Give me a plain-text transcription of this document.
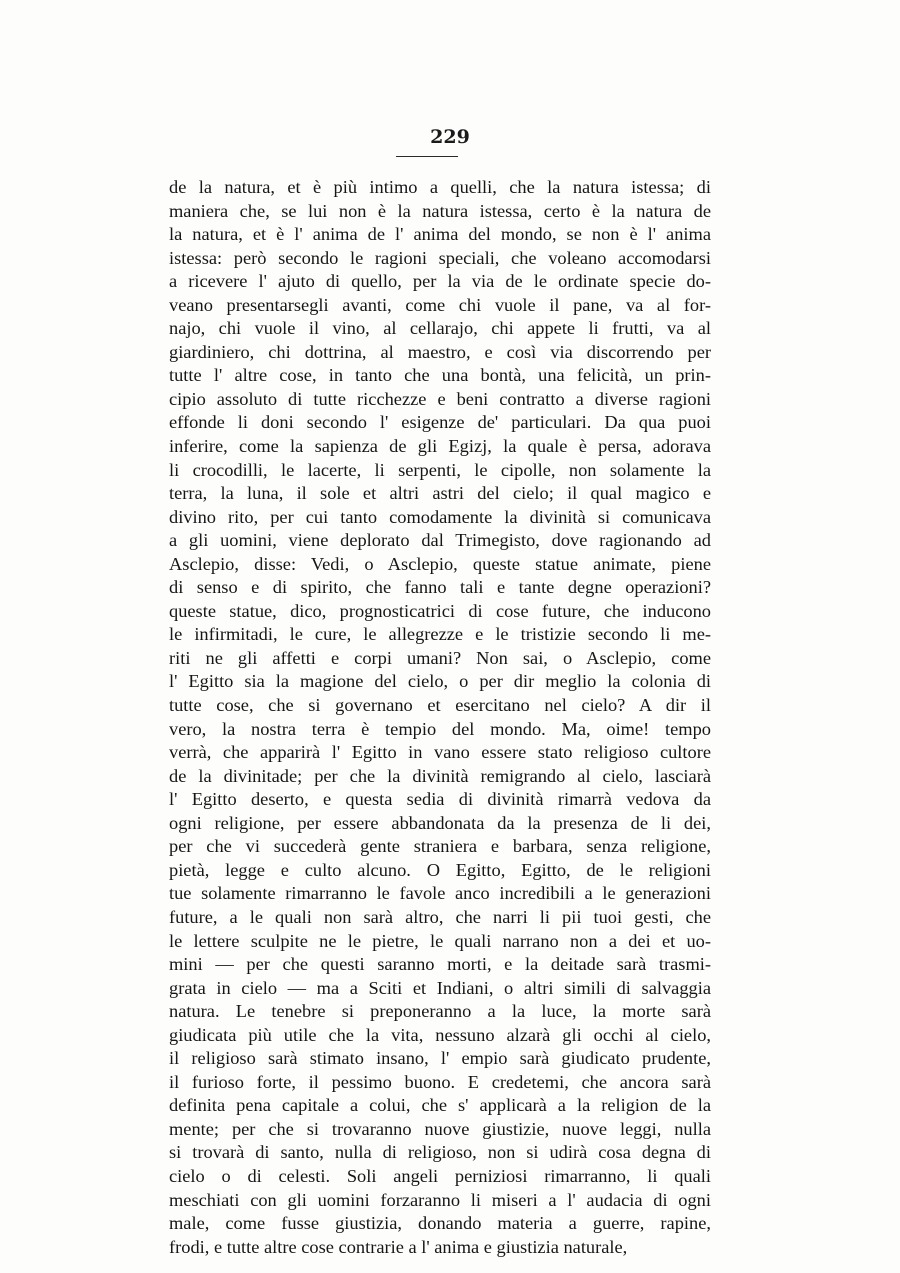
229
de la natura, et è più intimo a quelli, che la natura istessa; di
maniera che, se lui non è la natura istessa, certo è la natura de
la natura, et è l' anima de l' anima del mondo, se non è l' anima
istessa: però secondo le ragioni speciali, che voleano accomodarsi
a ricevere l' ajuto di quello, per la via de le ordinate specie do-
veano presentarsegli avanti, come chi vuole il pane, va al for-
najo, chi vuole il vino, al cellarajo, chi appete li frutti, va al
giardiniero, chi dottrina, al maestro, e così via discorrendo per
tutte l' altre cose, in tanto che una bontà, una felicità, un prin-
cipio assoluto di tutte ricchezze e beni contratto a diverse ragioni
effonde li doni secondo l' esigenze de' particulari. Da qua puoi
inferire, come la sapienza de gli Egizj, la quale è persa, adorava
li crocodilli, le lacerte, li serpenti, le cipolle, non solamente la
terra, la luna, il sole et altri astri del cielo; il qual magico e
divino rito, per cui tanto comodamente la divinità si comunicava
a gli uomini, viene deplorato dal Trimegisto, dove ragionando ad
Asclepio, disse: Vedi, o Asclepio, queste statue animate, piene
di senso e di spirito, che fanno tali e tante degne operazioni?
queste statue, dico, prognosticatrici di cose future, che inducono
le infirmitadi, le cure, le allegrezze e le tristizie secondo li me-
riti ne gli affetti e corpi umani? Non sai, o Asclepio, come
l' Egitto sia la magione del cielo, o per dir meglio la colonia di
tutte cose, che si governano et esercitano nel cielo? A dir il
vero, la nostra terra è tempio del mondo. Ma, oime! tempo
verrà, che apparirà l' Egitto in vano essere stato religioso cultore
de la divinitade; per che la divinità remigrando al cielo, lasciarà
l' Egitto deserto, e questa sedia di divinità rimarrà vedova da
ogni religione, per essere abbandonata da la presenza de li dei,
per che vi succederà gente straniera e barbara, senza religione,
pietà, legge e culto alcuno. O Egitto, Egitto, de le religioni
tue solamente rimarranno le favole anco incredibili a le generazioni
future, a le quali non sarà altro, che narri li pii tuoi gesti, che
le lettere sculpite ne le pietre, le quali narrano non a dei et uo-
mini — per che questi saranno morti, e la deitade sarà trasmi-
grata in cielo — ma a Sciti et Indiani, o altri simili di salvaggia
natura. Le tenebre si preponeranno a la luce, la morte sarà
giudicata più utile che la vita, nessuno alzarà gli occhi al cielo,
il religioso sarà stimato insano, l' empio sarà giudicato prudente,
il furioso forte, il pessimo buono. E credetemi, che ancora sarà
definita pena capitale a colui, che s' applicarà a la religion de la
mente; per che si trovaranno nuove giustizie, nuove leggi, nulla
si trovarà di santo, nulla di religioso, non si udirà cosa degna di
cielo o di celesti. Soli angeli perniziosi rimarranno, li quali
meschiati con gli uomini forzaranno li miseri a l' audacia di ogni
male, come fusse giustizia, donando materia a guerre, rapine,
frodi, e tutte altre cose contrarie a l' anima e giustizia naturale,
